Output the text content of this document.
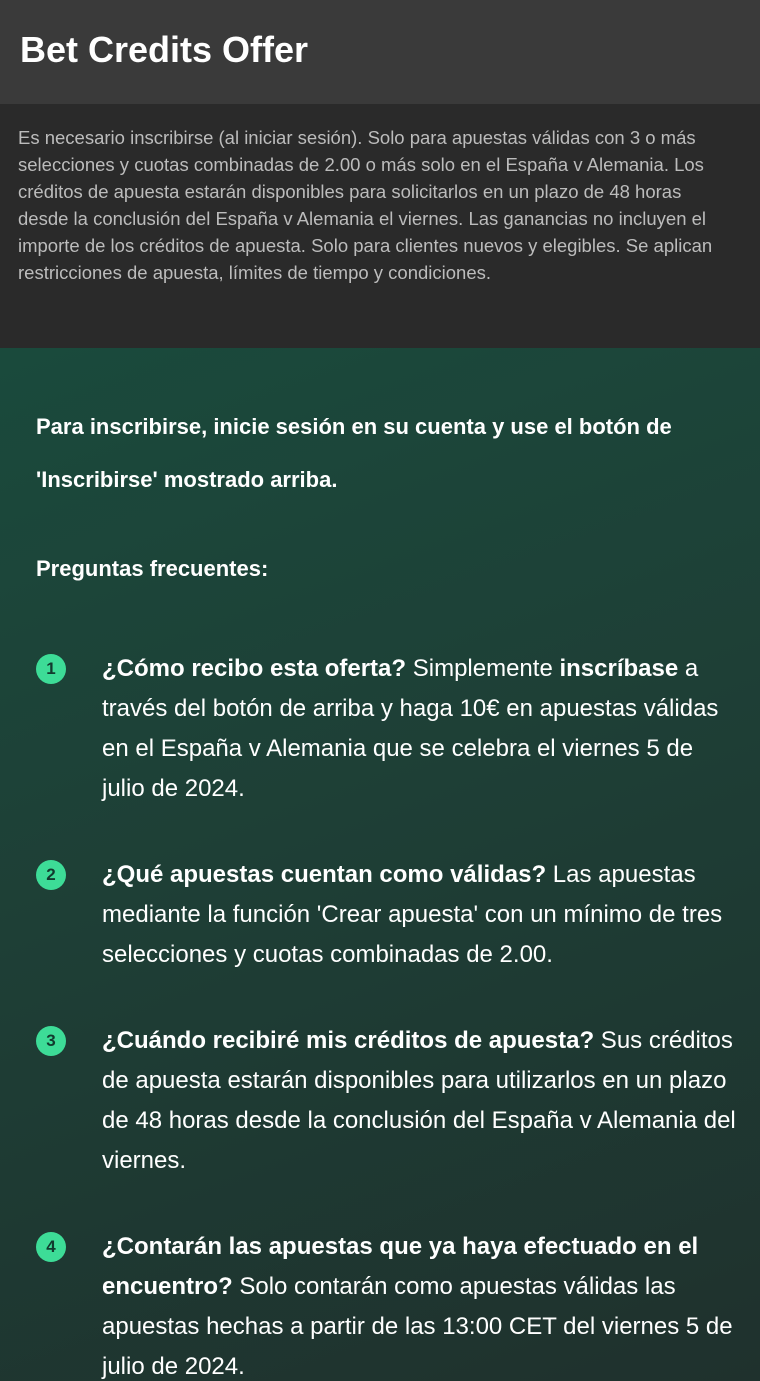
Bet Credits Offer
Es necesario inscribirse (al iniciar sesión). Solo para apuestas válidas con 3 o más selecciones y cuotas combinadas de 2.00 o más solo en el España v Alemania. Los créditos de apuesta estarán disponibles para solicitarlos en un plazo de 48 horas desde la conclusión del España v Alemania el viernes. Las ganancias no incluyen el importe de los créditos de apuesta. Solo para clientes nuevos y elegibles. Se aplican restricciones de apuesta, límites de tiempo y condiciones.

Para inscribirse, inicie sesión en su cuenta y use el botón de 'Inscribirse' mostrado arriba.

Preguntas frecuentes:

1	¿Cómo recibo esta oferta? Simplemente inscríbase a través del botón de arriba y haga 10€ en apuestas válidas en el España v Alemania que se celebra el viernes 5 de julio de 2024.
2	¿Qué apuestas cuentan como válidas? Las apuestas mediante la función 'Crear apuesta' con un mínimo de tres selecciones y cuotas combinadas de 2.00.
3	¿Cuándo recibiré mis créditos de apuesta? Sus créditos de apuesta estarán disponibles para utilizarlos en un plazo de 48 horas desde la conclusión del España v Alemania del viernes.
4	¿Contarán las apuestas que ya haya efectuado en el encuentro? Solo contarán como apuestas válidas las apuestas hechas a partir de las 13:00 CET del viernes 5 de julio de 2024.
